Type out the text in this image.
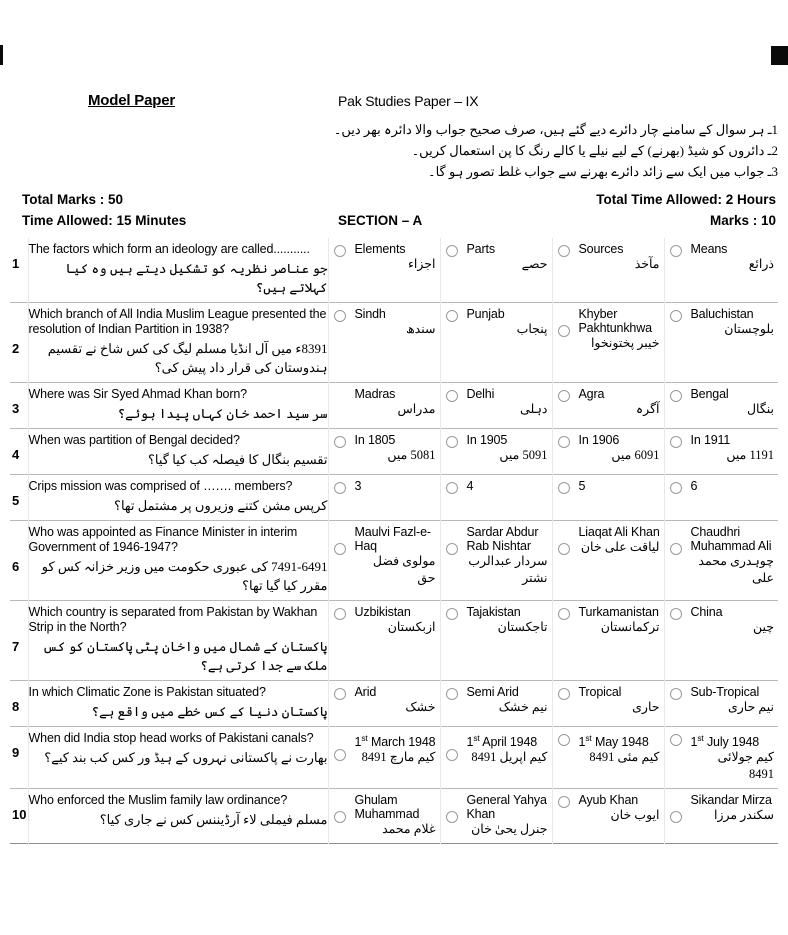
Model Paper	Pak Studies Paper – IX
1ـ ہر سوال کے سامنے چار دائرے دیے گئے ہیں، صرف صحیح جواب والا دائرہ بھر دیں۔
2ـ دائروں کو شیڈ (بھرنے) کے لیے نیلے یا کالے رنگ کا پن استعمال کریں۔
3ـ جواب میں ایک سے زائد دائرے بھرنے سے جواب غلط تصور ہو گا۔
Total Marks : 50
Time Allowed: 15 Minutes	SECTION – A
Total Time Allowed: 2 Hours
Marks : 10
1

The factors which form an ideology are called...........
جو عناصر نظریہ کو تشکیل دیتے ہیں وہ کیا کہلاتے ہیں؟

Elements
اجزاء

Parts
حصے

Sources
مآخذ

Means
ذرائع

2

Which branch of All India Muslim League presented the resolution of Indian Partition in 1938?
1938ء میں آل انڈیا مسلم لیگ کی کس شاخ نے تقسیم ہندوستان کی قرار داد پیش کی؟

Sindh
سندھ

Punjab
پنجاب

Khyber Pakhtunkhwa
خیبر پختونخوا

Baluchistan
بلوچستان

3

Where was Sir Syed Ahmad Khan born?
سر سید احمد خان کہاں پیدا ہوئے؟

Madras
مدراس

Delhi
دہلی

Agra
آگرہ

Bengal
بنگال

4

When was partition of Bengal decided?
تقسیم بنگال کا فیصلہ کب کیا گیا؟

In 1805
1805 میں

In 1905
1905 میں

In 1906
1906 میں

In 1911
1911 میں

5	Crips mission was comprised of ……. members?
کرپس مشن کتنے وزیروں پر مشتمل تھا؟	3	4	5	6

6

Who was appointed as Finance Minister in interim Government of 1946-1947?
1946-1947 کی عبوری حکومت میں وزیر خزانہ کس کو مقرر کیا گیا تھا؟

Maulvi Fazl-e-Haq
مولوی فضل حق

Sardar Abdur Rab Nishtar
سردار عبدالرب نشتر

Liaqat Ali Khan
لیاقت علی خان

Chaudhri Muhammad Ali
چوہدری محمد علی

7

Which country is separated from Pakistan by Wakhan Strip in the North?
پاکستان کے شمال میں واخان پٹی پاکستان کو کس ملک سے جدا کرتی ہے؟

Uzbikistan
ازبکستان

Tajakistan
تاجکستان

Turkamanistan
ترکمانستان

China
چین

8

In which Climatic Zone is Pakistan situated?
پاکستان دنیا کے کس خطے میں واقع ہے؟

Arid
خشک

Semi Arid
نیم خشک

Tropical
حاری

Sub-Tropical
نیم حاری

9

When did India stop head works of Pakistani canals?
بھارت نے پاکستانی نہروں کے ہیڈ ور کس کب بند کیے؟

1st March 1948
کیم مارچ 1948

1st April 1948
کیم اپریل 1948

1st May 1948
کیم مئی 1948

1st July 1948
کیم جولائی 1948

10

Who enforced the Muslim family law ordinance?
مسلم فیملی لاء آرڈیننس کس نے جاری کیا؟

Ghulam Muhammad
غلام محمد

General Yahya Khan
جنرل یحیٰ خان

Ayub Khan
ایوب خان

Sikandar Mirza
سکندر مرزا
